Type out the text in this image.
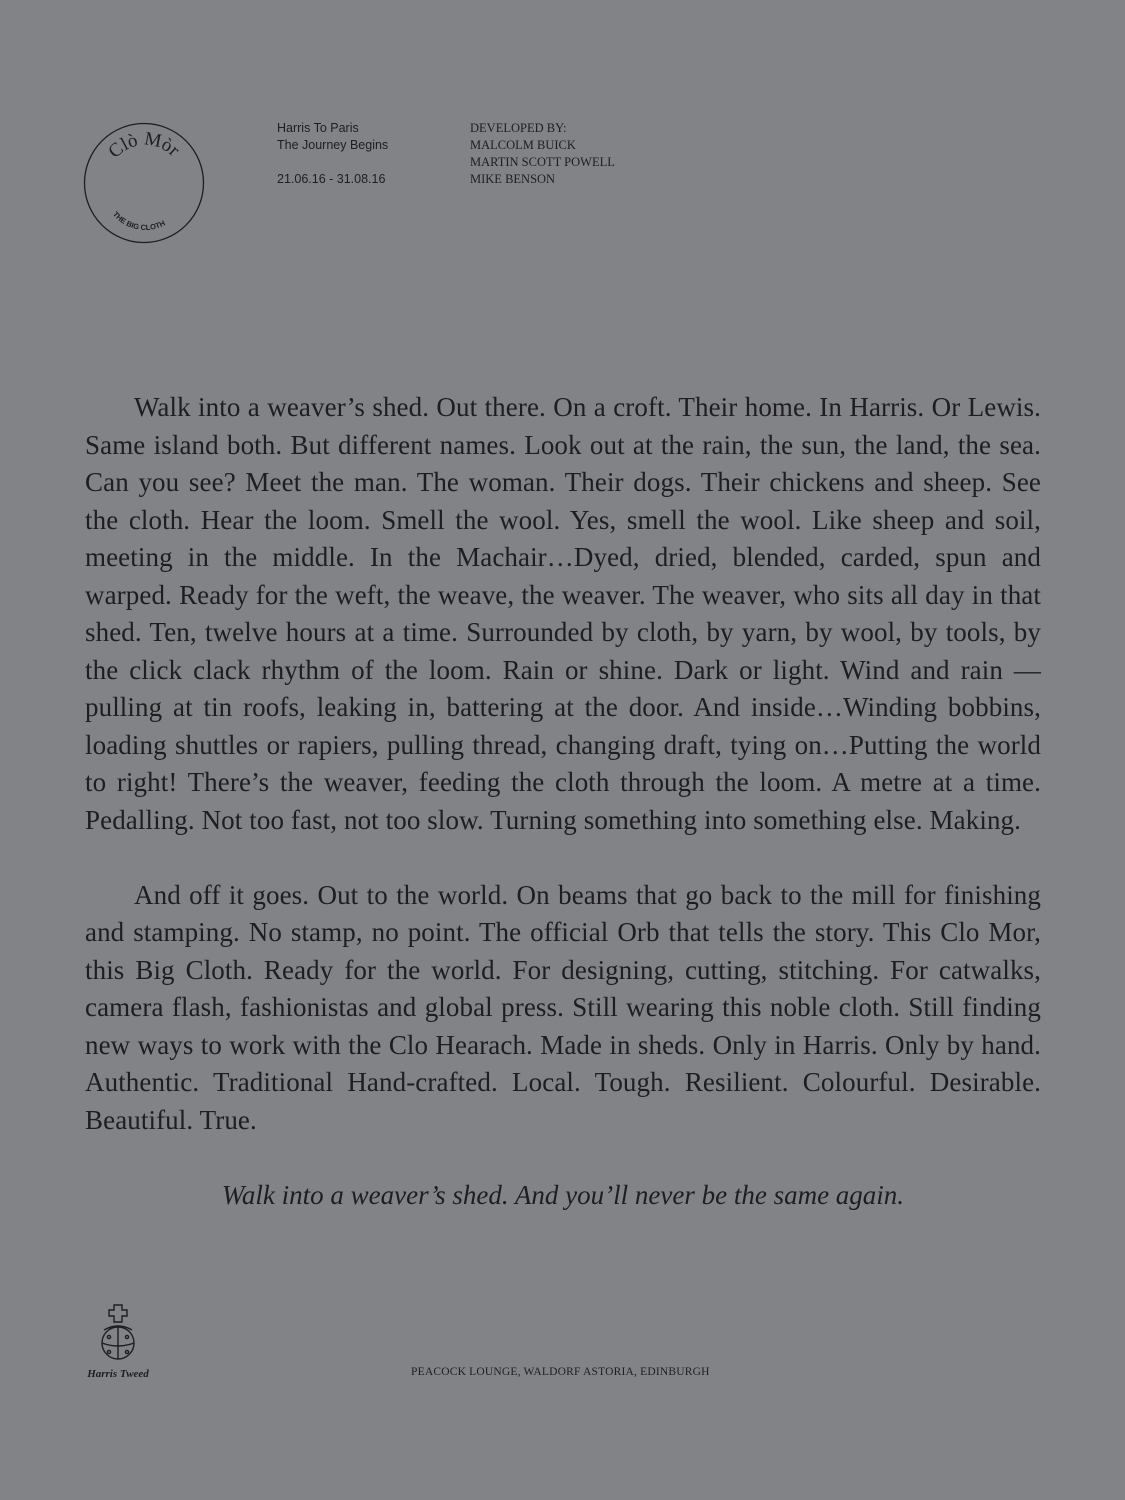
Clò Mòr
THE BIG CLOTH
Harris To Paris
The Journey Begins
21.06.16 - 31.08.16
DEVELOPED BY:
MALCOLM BUICK
MARTIN SCOTT POWELL
MIKE BENSON

Walk into a weaver’s shed. Out there. On a croft. Their home. In Harris. Or Lewis. Same island both. But different names. Look out at the rain, the sun, the land, the sea. Can you see? Meet the man. The woman. Their dogs. Their chickens and sheep. See the cloth. Hear the loom. Smell the wool. Yes, smell the wool. Like sheep and soil, meeting in the middle. In the Machair…Dyed, dried, blended, carded, spun and warped. Ready for the weft, the weave, the weaver. The weaver, who sits all day in that shed. Ten, twelve hours at a time. Surrounded by cloth, by yarn, by wool, by tools, by the click clack rhythm of the loom. Rain or shine. Dark or light. Wind and rain — pulling at tin roofs, leaking in, battering at the door. And inside…Winding bobbins, loading shuttles or rapiers, pulling thread, changing draft, tying on…Putting the world to right! There’s the weaver, feeding the cloth through the loom. A metre at a time. Pedalling. Not too fast, not too slow. Turning something into something else. Making.

And off it goes. Out to the world. On beams that go back to the mill for finishing and stamping. No stamp, no point. The official Orb that tells the story. This Clo Mor, this Big Cloth. Ready for the world. For designing, cutting, stitching. For catwalks, camera flash, fashionistas and global press. Still wearing this noble cloth. Still finding new ways to work with the Clo Hearach. Made in sheds. Only in Harris. Only by hand. Authentic. Traditional Hand-crafted. Local. Tough. Resilient. Colourful. Desirable. Beautiful. True.

Walk into a weaver’s shed. And you’ll never be the same again.

Harris Tweed	PEACOCK LOUNGE, WALDORF ASTORIA, EDINBURGH
